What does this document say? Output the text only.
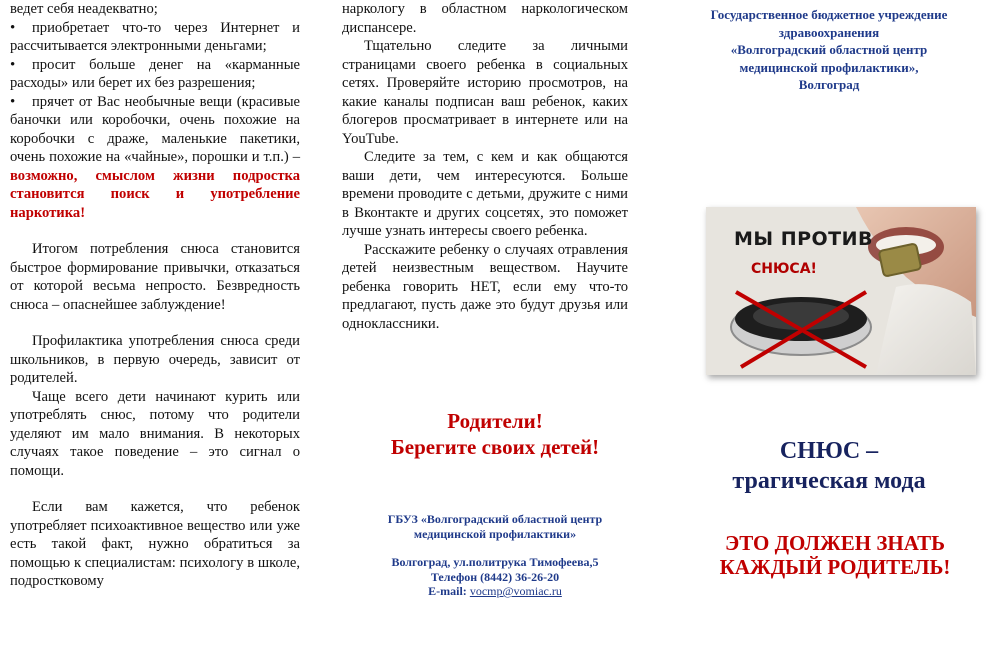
ведет себя неадекватно;

• приобретает что-то через Интернет и рассчитывается электронными деньгами;

• просит больше денег на «карманные расходы» или берет их без разрешения;

• прячет от Вас необычные вещи (красивые баночки или коробочки, очень похожие на коробочки с драже, маленькие пакетики, очень похожие на «чайные», порошки и т.п.) – возможно, смыслом жизни подростка становится поиск и употребление наркотика!

Итогом потребления снюса становится быстрое формирование привычки, отказаться от которой весьма непросто. Безвредность снюса – опаснейшее заблуждение!

Профилактика употребления снюса среди школьников, в первую очередь, зависит от родителей.

Чаще всего дети начинают курить или употреблять снюс, потому что родители уделяют им мало внимания. В некоторых случаях такое поведение – это сигнал о помощи.

Если вам кажется, что ребенок употребляет психоактивное вещество или уже есть такой факт, нужно обратиться за помощью к специалистам: психологу в школе, подростковому

наркологу в областном наркологическом диспансере.

Тщательно следите за личными страницами своего ребенка в социальных сетях. Проверяйте историю просмотров, на какие каналы подписан ваш ребенок, каких блогеров просматривает в интернете или на YouTube.

Следите за тем, с кем и как общаются ваши дети, чем интересуются. Больше времени проводите с детьми, дружите с ними в Вконтакте и других соцсетях, это поможет лучше узнать интересы своего ребенка.

Расскажите ребенку о случаях отравления детей неизвестным веществом. Научите ребенка говорить НЕТ, если ему что-то предлагают, пусть даже это будут друзья или одноклассники.

Родители!
Берегите своих детей!
ГБУЗ «Волгоградский областной центр
медицинской профилактики»
Волгоград, ул.политрука Тимофеева,5
Телефон (8442) 36-26-20
E-mail: vocmp@vomiac.ru
Государственное бюджетное учреждение
здравоохранения
«Волгоградский областной центр
медицинской профилактики»,
Волгоград
МЫ ПРОТИВ
СНЮСА!
СНЮС –
трагическая мода
ЭТО ДОЛЖЕН ЗНАТЬ
КАЖДЫЙ РОДИТЕЛЬ!
